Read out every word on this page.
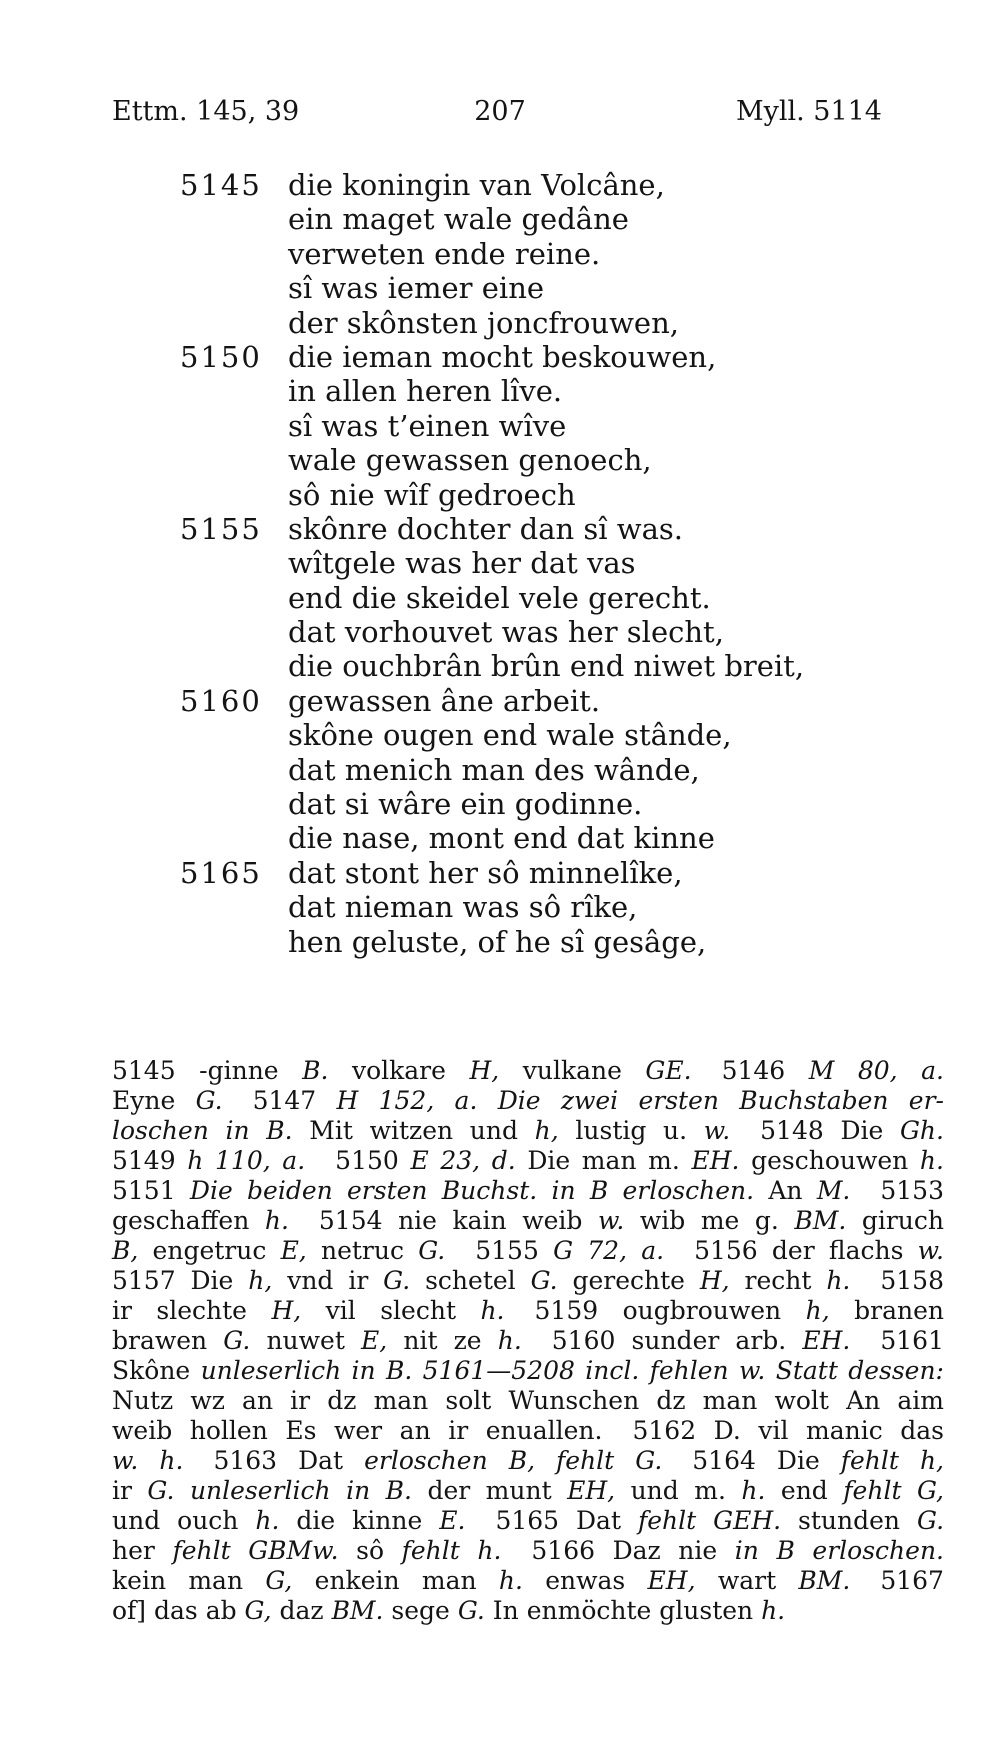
Ettm. 145, 39	207	Myll. 5114
5145 die koningin van Volcâne,
ein maget wale gedâne
verweten ende reine.
sî was iemer eine
der skônsten joncfrouwen,
5150 die ieman mocht beskouwen,
in allen heren lîve.
sî was t’einen wîve
wale gewassen genoech,
sô nie wîf gedroech
5155 skônre dochter dan sî was.
wîtgele was her dat vas
end die skeidel vele gerecht.
dat vorhouvet was her slecht,
die ouchbrân brûn end niwet breit,
5160 gewassen âne arbeit.
skône ougen end wale stânde,
dat menich man des wânde,
dat si wâre ein godinne.
die nase, mont end dat kinne
5165 dat stont her sô minnelîke,
dat nieman was sô rîke,
hen geluste, of he sî gesâge,
5145 -ginne B. volkare H, vulkane GE. 5146 M 80, a.
Eyne G. 5147 H 152, a. Die zwei ersten Buchstaben er-
loschen in B. Mit witzen und h, lustig u. w. 5148 Die Gh.
5149 h 110, a. 5150 E 23, d. Die man m. EH. geschouwen h.
5151 Die beiden ersten Buchst. in B erloschen. An M. 5153
geschaffen h. 5154 nie kain weib w. wib me g. BM. giruch
B, engetruc E, netruc G. 5155 G 72, a. 5156 der flachs w.
5157 Die h, vnd ir G. schetel G. gerechte H, recht h. 5158
ir slechte H, vil slecht h. 5159 ougbrouwen h, branen
brawen G. nuwet E, nit ze h. 5160 sunder arb. EH. 5161
Skône unleserlich in B. 5161—5208 incl. fehlen w. Statt dessen:
Nutz wz an ir dz man solt Wunschen dz man wolt An aim
weib hollen Es wer an ir enuallen. 5162 D. vil manic das
w. h. 5163 Dat erloschen B, fehlt G. 5164 Die fehlt h,
ir G. unleserlich in B. der munt EH, und m. h. end fehlt G,
und ouch h. die kinne E. 5165 Dat fehlt GEH. stunden G.
her fehlt GBMw. sô fehlt h. 5166 Daz nie in B erloschen.
kein man G, enkein man h. enwas EH, wart BM. 5167
of] das ab G, daz BM. sege G. In enmöchte glusten h.
